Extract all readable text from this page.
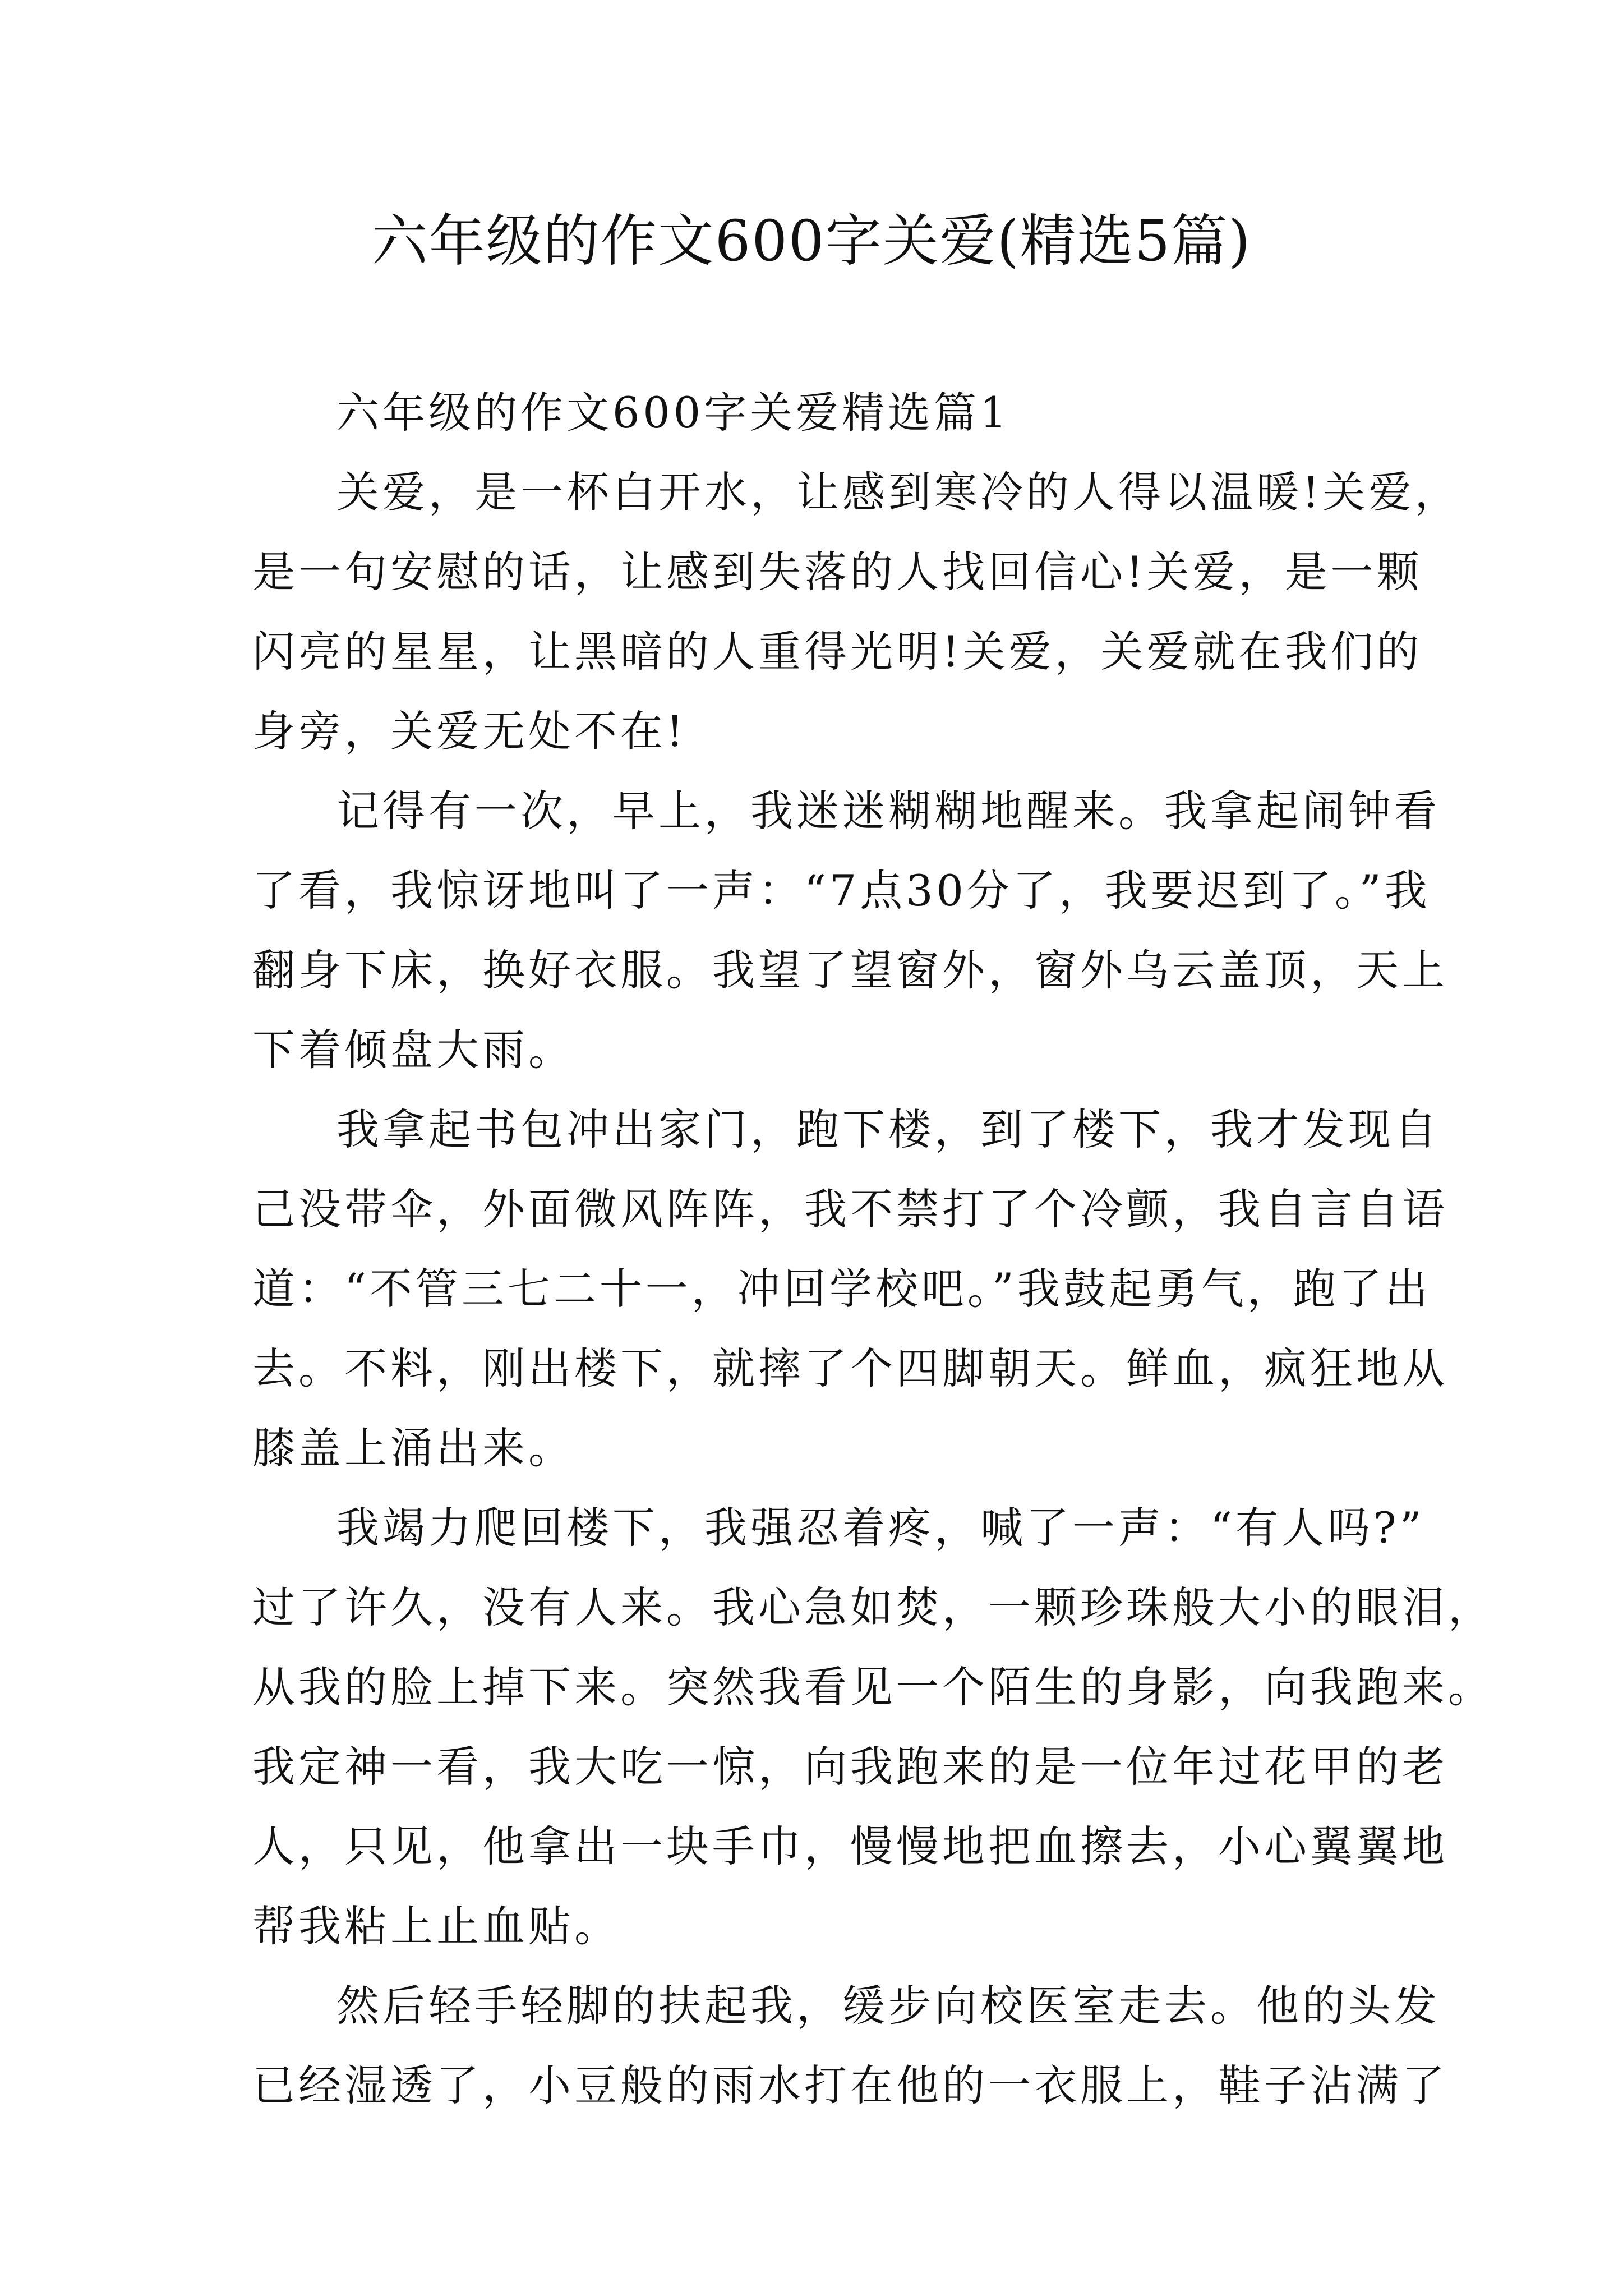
六年级的作文600字关爱(精选5篇)
六年级的作文600字关爱精选篇1
关爱，是一杯白开水，让感到寒冷的人得以温暖!关爱，
是一句安慰的话，让感到失落的人找回信心!关爱，是一颗
闪亮的星星，让黑暗的人重得光明!关爱，关爱就在我们的
身旁，关爱无处不在!
记得有一次，早上，我迷迷糊糊地醒来。我拿起闹钟看
了看，我惊讶地叫了一声：“7点30分了，我要迟到了。”我
翻身下床，换好衣服。我望了望窗外，窗外乌云盖顶，天上
下着倾盘大雨。
我拿起书包冲出家门，跑下楼，到了楼下，我才发现自
己没带伞，外面微风阵阵，我不禁打了个冷颤，我自言自语
道：“不管三七二十一，冲回学校吧。”我鼓起勇气，跑了出
去。不料，刚出楼下，就摔了个四脚朝天。鲜血，疯狂地从
膝盖上涌出来。
我竭力爬回楼下，我强忍着疼，喊了一声：“有人吗?”
过了许久，没有人来。我心急如焚，一颗珍珠般大小的眼泪，
从我的脸上掉下来。突然我看见一个陌生的身影，向我跑来。
我定神一看，我大吃一惊，向我跑来的是一位年过花甲的老
人，只见，他拿出一块手巾，慢慢地把血擦去，小心翼翼地
帮我粘上止血贴。
然后轻手轻脚的扶起我，缓步向校医室走去。他的头发
已经湿透了，小豆般的雨水打在他的一衣服上，鞋子沾满了
